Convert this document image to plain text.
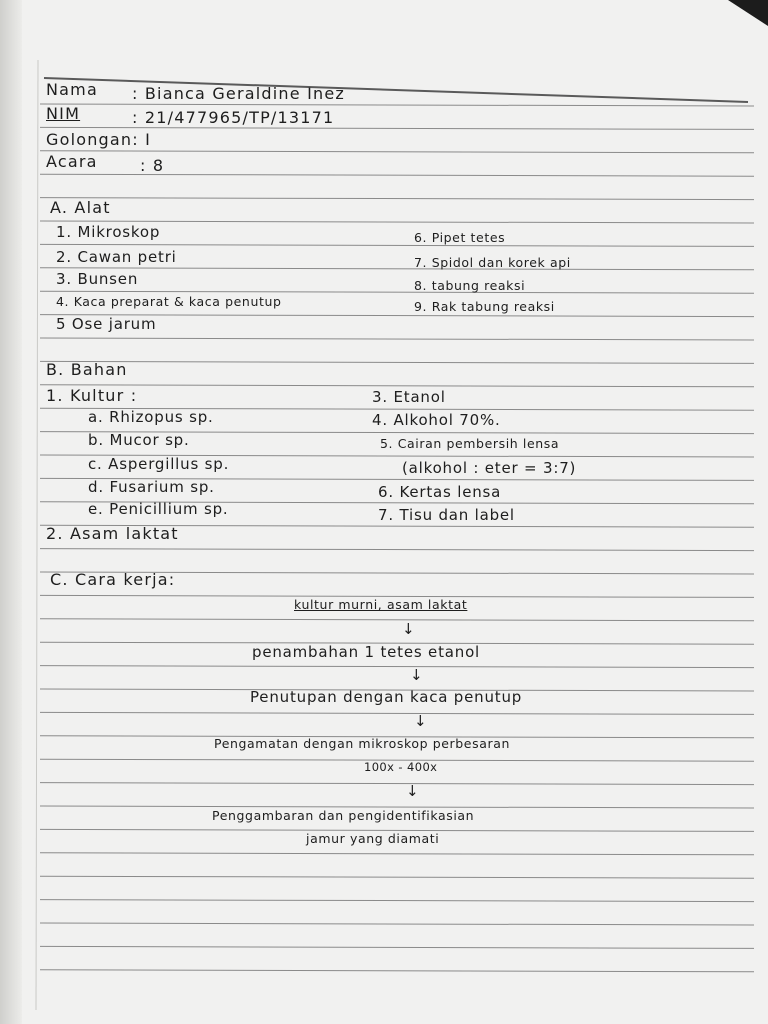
Nama : Bianca Geraldine Inez
NIM	: 21/477965/TP/13171
Golongan: I
Acara	: 8
A. Alat
1. Mikroskop
2. Cawan petri
3. Bunsen
4. Kaca preparat & kaca penutup
5 Ose jarum
6. Pipet tetes
7. Spidol dan korek api
8. tabung reaksi
9. Rak tabung reaksi
B. Bahan
1. Kultur :
a. Rhizopus sp.
b. Mucor sp.
c. Aspergillus sp.
d. Fusarium sp.
e. Penicillium sp.
2. Asam laktat
3. Etanol
4. Alkohol 70%.
5. Cairan pembersih lensa
(alkohol : eter = 3:7)
6. Kertas lensa
7. Tisu dan label
C. Cara kerja:
kultur murni, asam laktat
↓
penambahan 1 tetes etanol
↓
Penutupan dengan kaca penutup
↓
Pengamatan dengan mikroskop perbesaran
100x - 400x
↓
Penggambaran dan pengidentifikasian
jamur yang diamati
